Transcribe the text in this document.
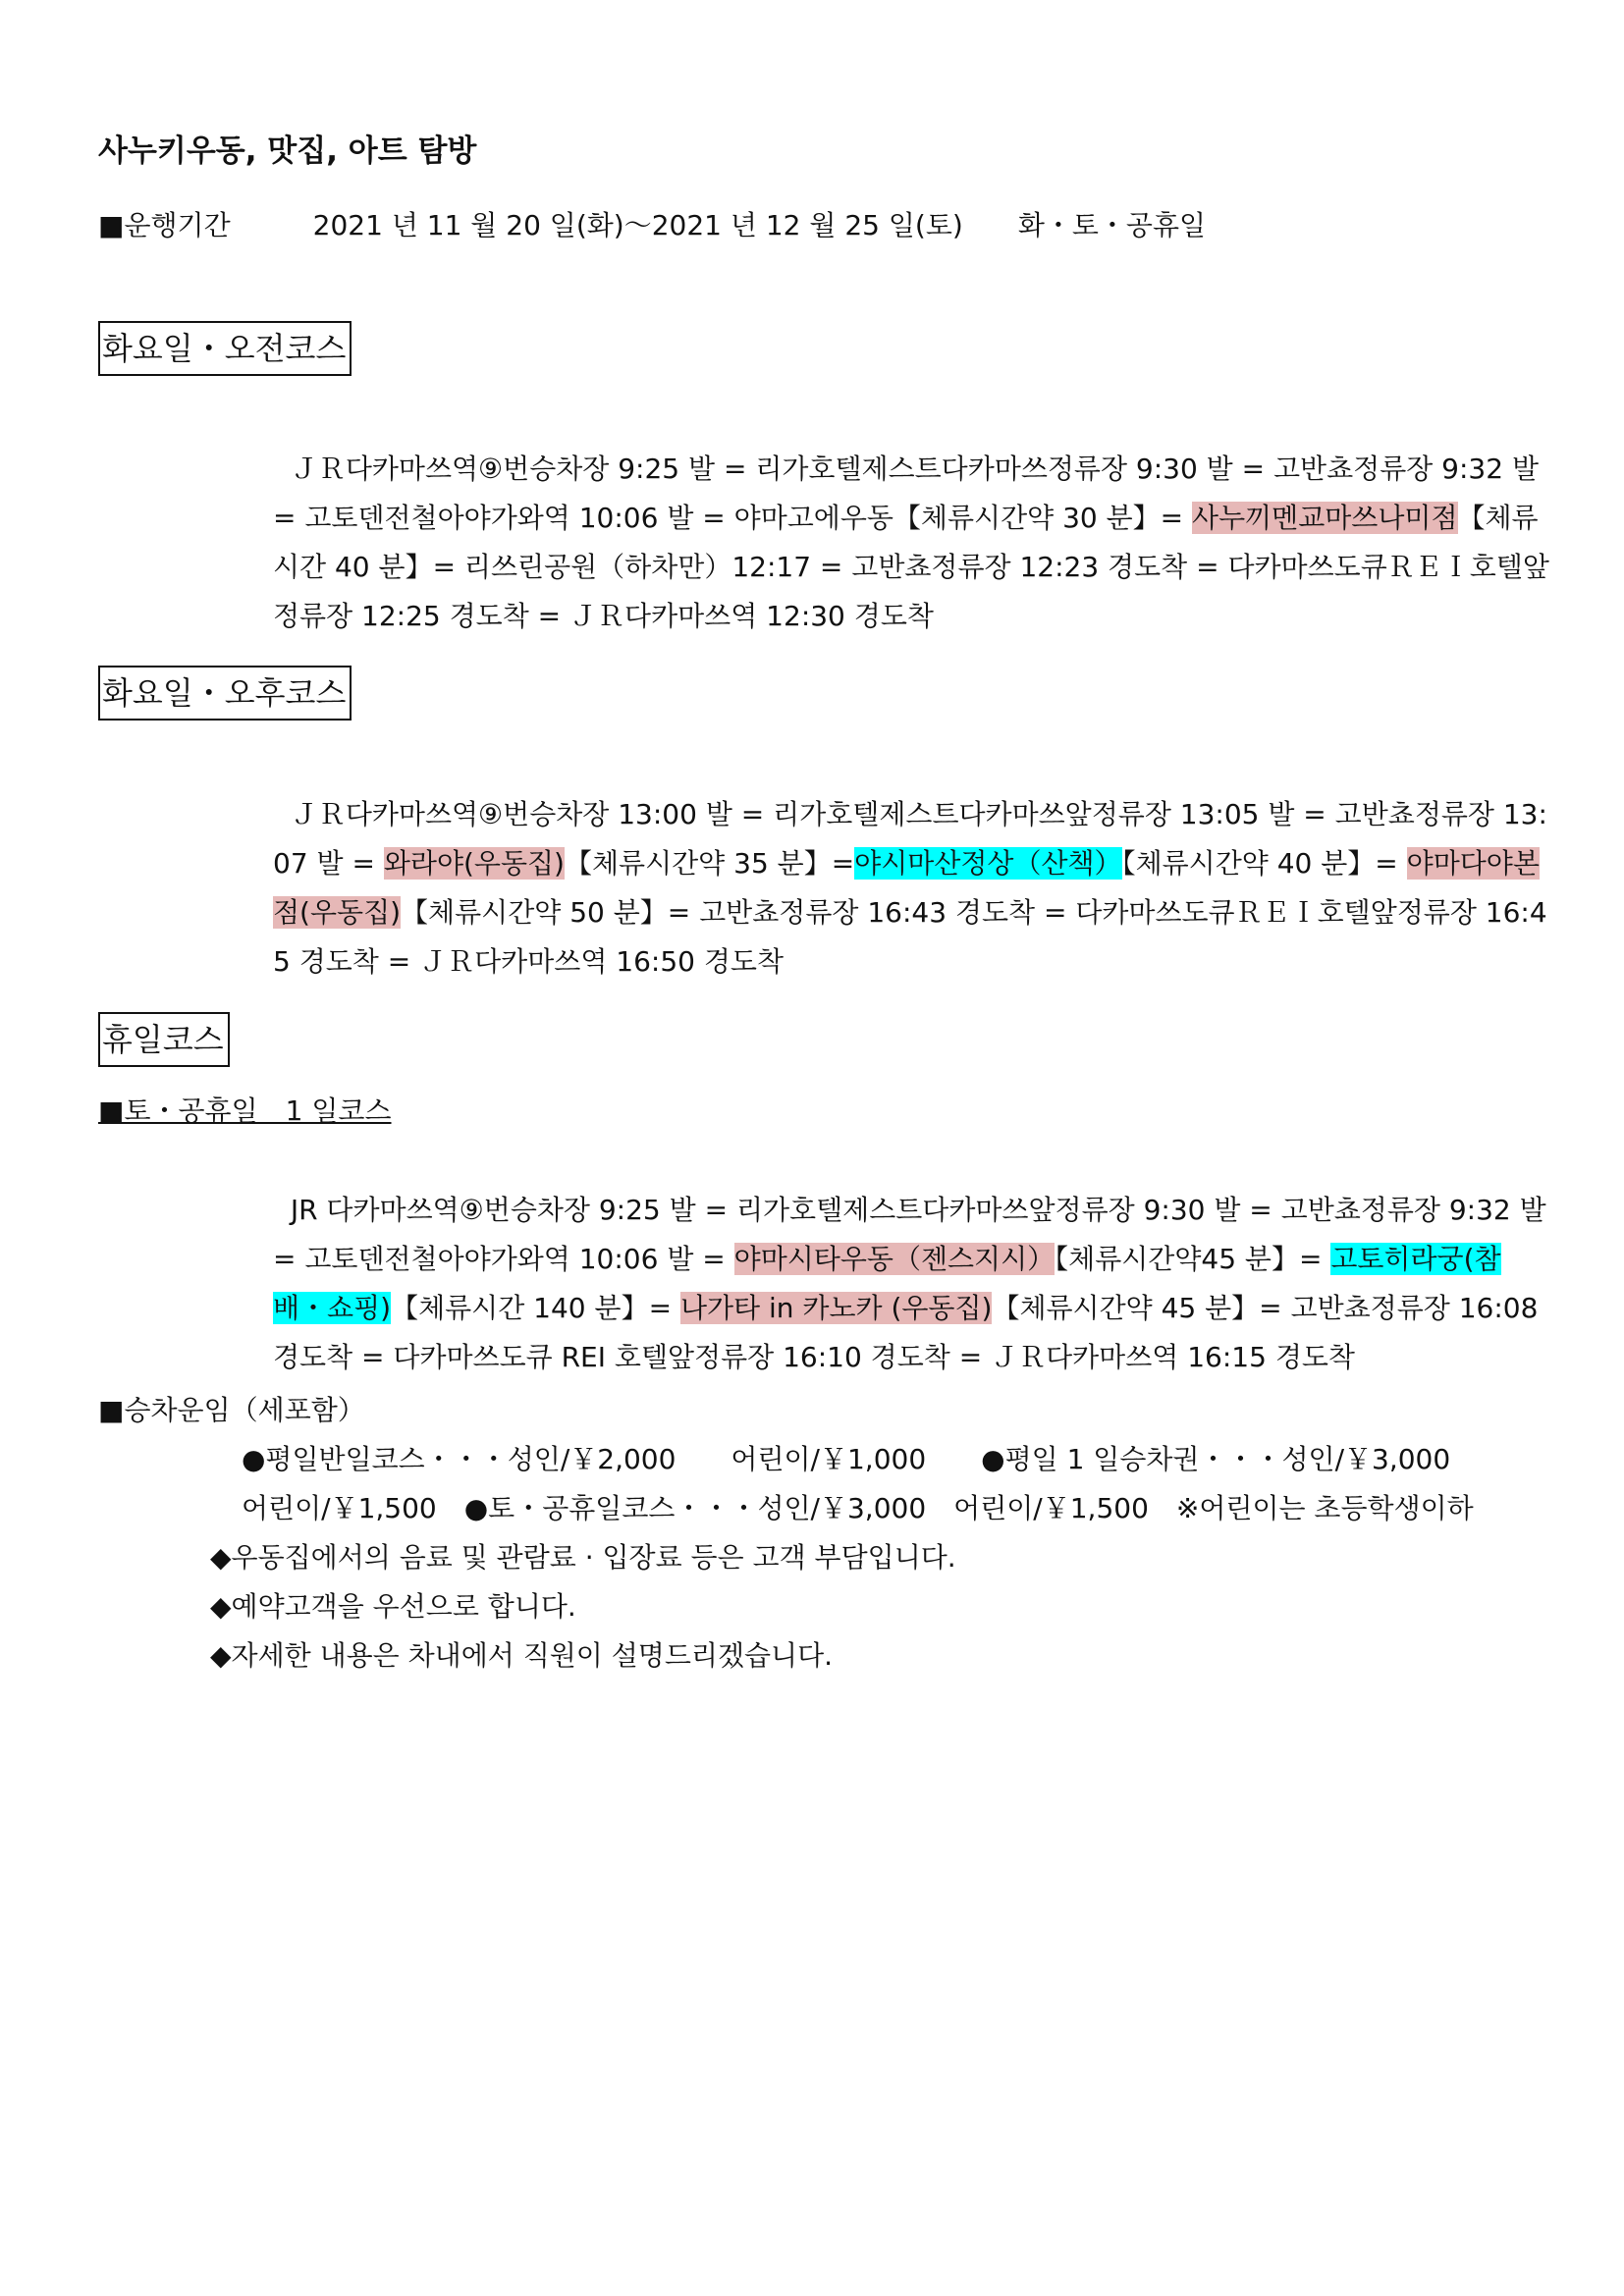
사누키우동, 맛집, 아트 탐방
■운행기간　　　	2021 년 11 월 20 일(화)～2021 년 12 월 25 일(토)　　 화・토・공휴일
화요일・오전코스

ＪＲ다카마쓰역⑨번승차장 9:25 발 = 리가호텔제스트다카마쓰정류장 9:30 발 = 고반쵸정류장 9:32 발 = 고토덴전철아야가와역 10:06 발 = 야마고에우동【체류시간약 30 분】= 사누끼멘교마쓰나미점【체류시간 40 분】= 리쓰린공원（하차만）12:17 = 고반쵸정류장 12:23 경도착 = 다카마쓰도큐ＲＥＩ호텔앞정류장 12:25 경도착 = ＪＲ다카마쓰역 12:30 경도착

화요일・오후코스

ＪＲ다카마쓰역⑨번승차장 13:00 발 = 리가호텔제스트다카마쓰앞정류장 13:05 발 = 고반쵸정류장 13:07 발 = 와라야(우동집)【체류시간약 35 분】=야시마산정상（산책）【체류시간약 40 분】= 야마다야본점(우동집)【체류시간약 50 분】= 고반쵸정류장 16:43 경도착 = 다카마쓰도큐ＲＥＩ호텔앞정류장 16:45 경도착 = ＪＲ다카마쓰역 16:50 경도착

휴일코스
■토・공휴일　1 일코스

JR 다카마쓰역⑨번승차장 9:25 발 = 리가호텔제스트다카마쓰앞정류장 9:30 발 = 고반쵸정류장 9:32 발 = 고토덴전철아야가와역 10:06 발 = 야마시타우동（젠스지시）【체류시간약45 분】= 고토히라궁(참배・쇼핑)【체류시간 140 분】= 나가타 in 카노카 (우동집)【체류시간약 45 분】= 고반쵸정류장 16:08 경도착 = 다카마쓰도큐 REI 호텔앞정류장 16:10 경도착 = ＪＲ다카마쓰역 16:15 경도착

■승차운임（세포함）
●평일반일코스・・・성인/￥2,000　　어린이/￥1,000　　●평일 1 일승차권・・・성인/￥3,000
어린이/￥1,500　●토・공휴일코스・・・성인/￥3,000　어린이/￥1,500　※어린이는 초등학생이하
◆우동집에서의 음료 및 관람료 · 입장료 등은 고객 부담입니다.
◆예약고객을 우선으로 합니다.
◆자세한 내용은 차내에서 직원이 설명드리겠습니다.
